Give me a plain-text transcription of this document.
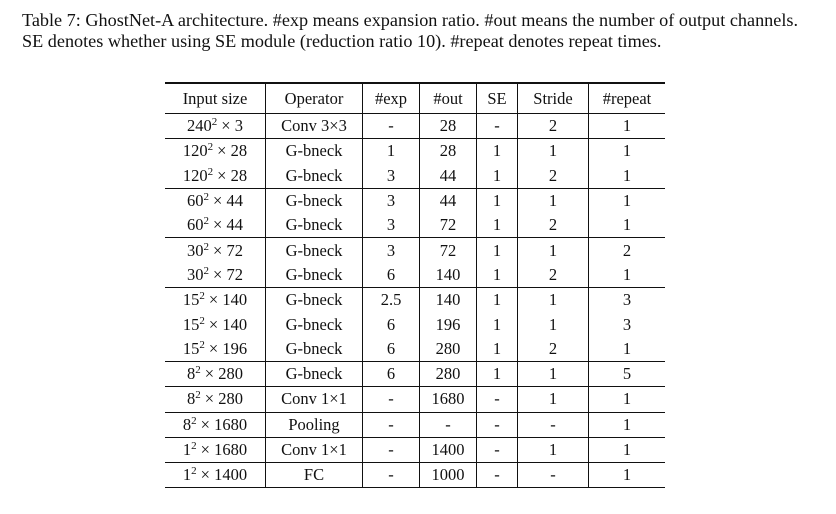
Table 7: GhostNet-A architecture. #exp means expansion ratio. #out means the number of output channels. SE denotes whether using SE module (reduction ratio 10). #repeat denotes repeat times.

Input size	Operator	#exp	#out	SE	Stride	#repeat
$240^2 \times 3$	Conv 3×3	-	28	-	2	1
$120^2 \times 28$	G-bneck	1	28	1	1	1
$120^2 \times 28$	G-bneck	3	44	1	2	1
$60^2 \times 44$	G-bneck	3	44	1	1	1
$60^2 \times 44$	G-bneck	3	72	1	2	1
$30^2 \times 72$	G-bneck	3	72	1	1	2
$30^2 \times 72$	G-bneck	6	140	1	2	1
$15^2 \times 140$	G-bneck	2.5	140	1	1	3
$15^2 \times 140$	G-bneck	6	196	1	1	3
$15^2 \times 196$	G-bneck	6	280	1	2	1
$8^2 \times 280$	G-bneck	6	280	1	1	5
$8^2 \times 280$	Conv 1×1	-	1680	-	1	1
$8^2 \times 1680$	Pooling	-	-	-	-	1
$1^2 \times 1680$	Conv 1×1	-	1400	-	1	1
$1^2 \times 1400$	FC	-	1000	-	-	1
